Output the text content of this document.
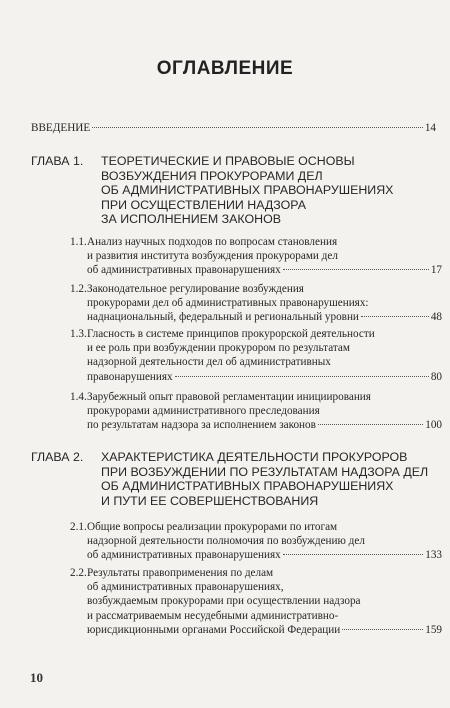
ОГЛАВЛЕНИЕ
ВВЕДЕНИЕ	14
ГЛАВА 1. ТЕОРЕТИЧЕСКИЕ И ПРАВОВЫЕ ОСНОВЫ
ВОЗБУЖДЕНИЯ ПРОКУРОРАМИ ДЕЛ
ОБ АДМИНИСТРАТИВНЫХ ПРАВОНАРУШЕНИЯХ
ПРИ ОСУЩЕСТВЛЕНИИ НАДЗОРА
ЗА ИСПОЛНЕНИЕМ ЗАКОНОВ
1.1. Анализ научных подходов по вопросам становления
и развития института возбуждения прокурорами дел
об административных правонарушениях	17
1.2. Законодательное регулирование возбуждения
прокурорами дел об административных правонарушениях:
наднациональный, федеральный и региональный уровни	48
1.3. Гласность в системе принципов прокурорской деятельности
и ее роль при возбуждении прокурором по результатам
надзорной деятельности дел об административных
правонарушениях	80
1.4. Зарубежный опыт правовой регламентации инициирования
прокурорами административного преследования
по результатам надзора за исполнением законов	100
ГЛАВА 2. ХАРАКТЕРИСТИКА ДЕЯТЕЛЬНОСТИ ПРОКУРОРОВ
ПРИ ВОЗБУЖДЕНИИ ПО РЕЗУЛЬТАТАМ НАДЗОРА ДЕЛ
ОБ АДМИНИСТРАТИВНЫХ ПРАВОНАРУШЕНИЯХ
И ПУТИ ЕЕ СОВЕРШЕНСТВОВАНИЯ
2.1. Общие вопросы реализации прокурорами по итогам
надзорной деятельности полномочия по возбуждению дел
об административных правонарушениях	133
2.2. Результаты правоприменения по делам
об административных правонарушениях,
возбуждаемым прокурорами при осуществлении надзора
и рассматриваемым несудебными административно-
юрисдикционными органами Российской Федерации	159
10
